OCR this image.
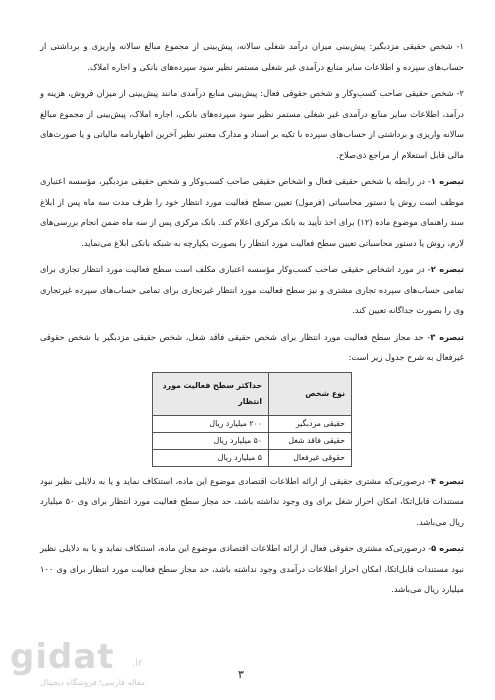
۱- شخص حقیقی مزدبگیر: پیش‌بینی میزان درآمد شغلی سالانه، پیش‌بینی از مجموع مبالغ سالانه واریزی و برداشتی از حساب‌های سپرده و اطلاعات سایر منابع درآمدی غیر شغلی مستمر نظیر سود سپرده‌های بانکی و اجاره املاک.

۲- شخص حقیقی صاحب کسب‌وکار و شخص حقوقی فعال: پیش‌بینی منابع درآمدی مانند پیش‌بینی از میزان فروش، هزینه و درآمد، اطلاعات سایر منابع درآمدی غیر شغلی مستمر نظیر سود سپرده‌های بانکی، اجاره املاک، پیش‌بینی از مجموع مبالغ سالانه واریزی و برداشتی از حساب‌های سپرده با تکیه بر اسناد و مدارک معتبر نظیر آخرین اظهارنامه مالیاتی و یا صورت‌های مالی قابل استعلام از مراجع ذی‌صلاح.

تبصره ۱- در رابطه با شخص حقیقی فعال و اشخاص حقیقی صاحب کسب‌وکار و شخص حقیقی مزدبگیر، مؤسسه اعتباری موظف است روش یا دستور محاسباتی (فرمول) تعیین سطح فعالیت مورد انتظار خود را ظرف مدت سه ماه پس از ابلاغ سند راهنمای موضوع ماده (۱۲) برای اخذ تأیید به بانک مرکزی اعلام کند. بانک مرکزی پس از سه ماه ضمن انجام بررسی‌های لازم، روش یا دستور محاسباتی تعیین سطح فعالیت مورد انتظار را بصورت یکپارچه به شبکه بانکی ابلاغ می‌نماید.

تبصره ۲- در مورد اشخاص حقیقی صاحب کسب‌وکار مؤسسه اعتباری مکلف است سطح فعالیت مورد انتظار تجاری برای تمامی حساب‌های سپرده تجاری مشتری و نیز سطح فعالیت مورد انتظار غیرتجاری برای تمامی حساب‌های سپرده غیرتجاری وی را بصورت جداگانه تعیین کند.

تبصره ۳- حد مجاز سطح فعالیت مورد انتظار برای شخص حقیقی فاقد شغل، شخص حقیقی مزدبگیر یا شخص حقوقی غیرفعال به شرح جدول زیر است:

نوع شخص	حداکثر سطح فعالیت مورد انتظار
حقیقی مزدبگیر	۲۰۰ میلیارد ریال
حقیقی فاقد شغل	۵۰ میلیارد ریال
حقوقی غیرفعال	۵ میلیارد ریال

تبصره ۴- درصورتی‌که مشتری حقیقی از ارائه اطلاعات اقتصادی موضوع این ماده، استنکاف نماید و یا به دلایلی نظیر نبود مستندات قابل‌اتکا، امکان احراز شغل برای وی وجود نداشته باشد، حد مجاز سطح فعالیت مورد انتظار برای وی ۵۰ میلیارد ریال می‌باشد.

تبصره ۵- درصورتی‌که مشتری حقوقی فعال از ارائه اطلاعات اقتصادی موضوع این ماده، استنکاف نماید و یا به دلایلی نظیر نبود مستندات قابل‌اتکا، امکان احراز اطلاعات درآمدی وجود نداشته باشد، حد مجاز سطح فعالیت مورد انتظار برای وی ۱۰۰ میلیارد ریال می‌باشد.

gidat	.ir
مقاله فارسی؛ فروشگاه دیجیتال
۳
